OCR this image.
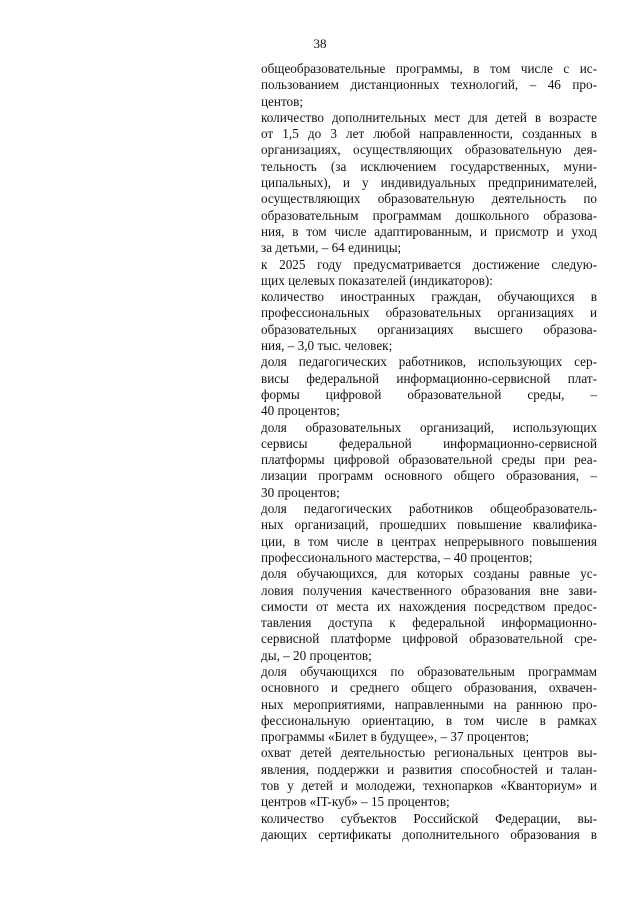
38
общеобразовательные программы, в том числе с ис-
пользованием дистанционных технологий, – 46 про-
центов;
количество дополнительных мест для детей в возрасте
от 1,5 до 3 лет любой направленности, созданных в
организациях, осуществляющих образовательную дея-
тельность (за исключением государственных, муни-
ципальных), и у индивидуальных предпринимателей,
осуществляющих образовательную деятельность по
образовательным программам дошкольного образова-
ния, в том числе адаптированным, и присмотр и уход
за детьми, – 64 единицы;
к 2025 году предусматривается достижение следую-
щих целевых показателей (индикаторов):
количество иностранных граждан, обучающихся в
профессиональных образовательных организациях и
образовательных организациях высшего образова-
ния, – 3,0 тыс. человек;
доля педагогических работников, использующих сер-
висы федеральной информационно-сервисной плат-
формы цифровой образовательной среды, –
40 процентов;
доля образовательных организаций, использующих
сервисы федеральной информационно-сервисной
платформы цифровой образовательной среды при реа-
лизации программ основного общего образования, –
30 процентов;
доля педагогических работников общеобразователь-
ных организаций, прошедших повышение квалифика-
ции, в том числе в центрах непрерывного повышения
профессионального мастерства, – 40 процентов;
доля обучающихся, для которых созданы равные ус-
ловия получения качественного образования вне зави-
симости от места их нахождения посредством предос-
тавления доступа к федеральной информационно-
сервисной платформе цифровой образовательной сре-
ды, – 20 процентов;
доля обучающихся по образовательным программам
основного и среднего общего образования, охвачен-
ных мероприятиями, направленными на раннюю про-
фессиональную ориентацию, в том числе в рамках
программы «Билет в будущее», – 37 процентов;
охват детей деятельностью региональных центров вы-
явления, поддержки и развития способностей и талан-
тов у детей и молодежи, технопарков «Кванториум» и
центров «IT-куб» – 15 процентов;
количество субъектов Российской Федерации, вы-
дающих сертификаты дополнительного образования в
